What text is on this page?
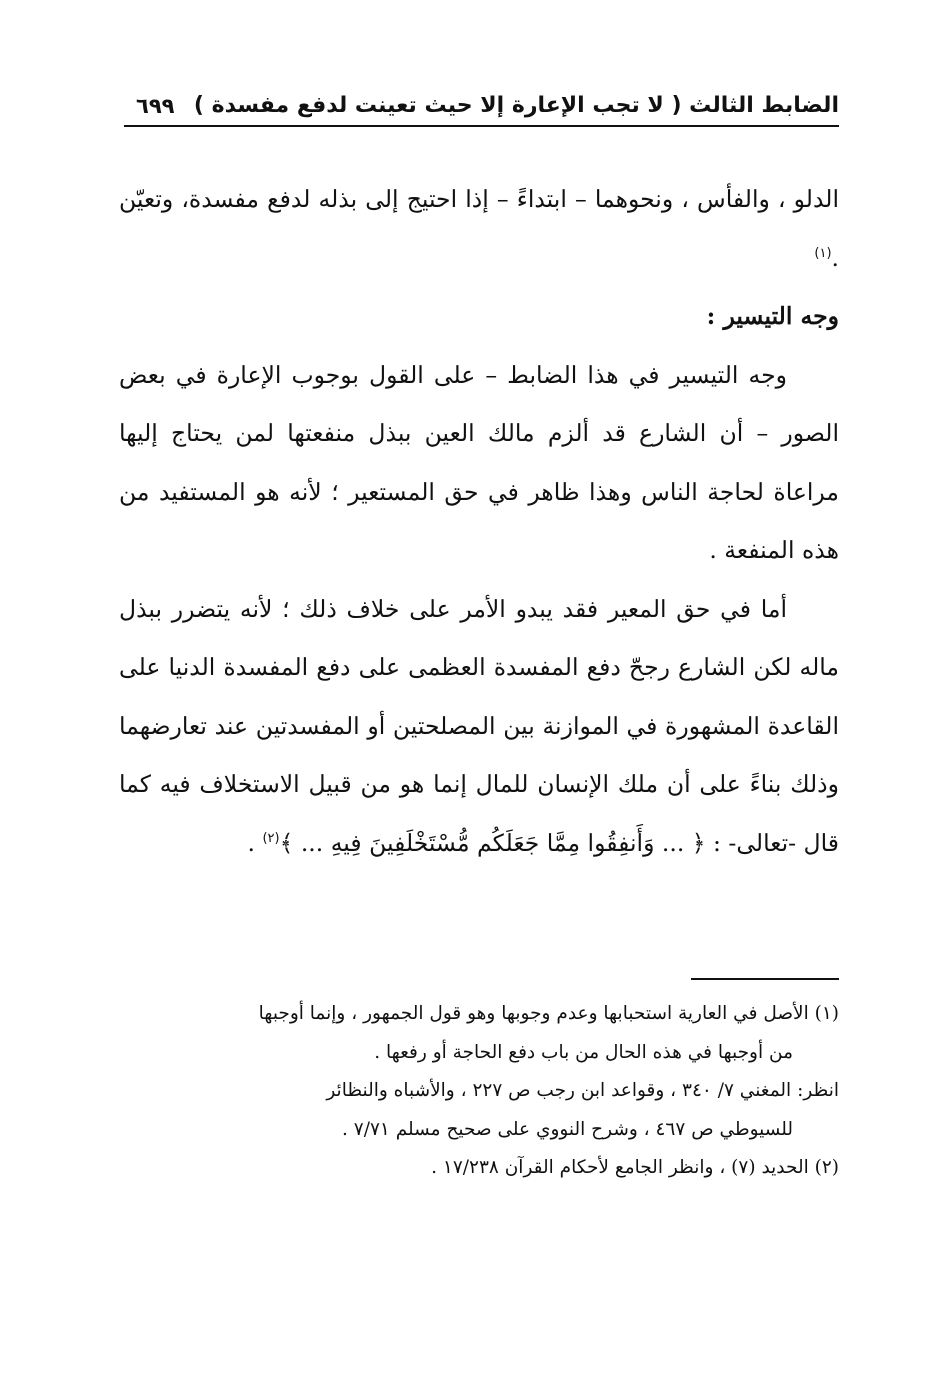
الضابط الثالث ( لا تجب الإعارة إلا حيث تعينت لدفع مفسدة )
٦٩٩

الدلو ، والفأس ، ونحوهما – ابتداءً – إذا احتيج إلى بذله لدفع مفسدة، وتعيّن .$^{(١)}$

وجه التيسير :

وجه التيسير في هذا الضابط – على القول بوجوب الإعارة في بعض الصور – أن الشارع قد ألزم مالك العين ببذل منفعتها لمن يحتاج إليها مراعاة لحاجة الناس وهذا ظاهر في حق المستعير ؛ لأنه هو المستفيد من هذه المنفعة .

أما في حق المعير فقد يبدو الأمر على خلاف ذلك ؛ لأنه يتضرر ببذل ماله لكن الشارع رجحّ دفع المفسدة العظمى على دفع المفسدة الدنيا على القاعدة المشهورة في الموازنة بين المصلحتين أو المفسدتين عند تعارضهما وذلك بناءً على أن ملك الإنسان للمال إنما هو من قبيل الاستخلاف فيه كما قال -تعالى- : ﴿ ... وَأَنفِقُوا مِمَّا جَعَلَكُم مُّسْتَخْلَفِينَ فِيهِ ... ﴾$^{(٢)}$ .

(١) الأصل في العارية استحبابها وعدم وجوبها وهو قول الجمهور ، وإنما أوجبها

من أوجبها في هذه الحال من باب دفع الحاجة أو رفعها .

انظر: المغني ٧/ ٣٤٠ ، وقواعد ابن رجب ص ٢٢٧ ، والأشباه والنظائر

للسيوطي ص ٤٦٧ ، وشرح النووي على صحيح مسلم ٧/٧١ .

(٢) الحديد (٧) ، وانظر الجامع لأحكام القرآن ١٧/٢٣٨ .
